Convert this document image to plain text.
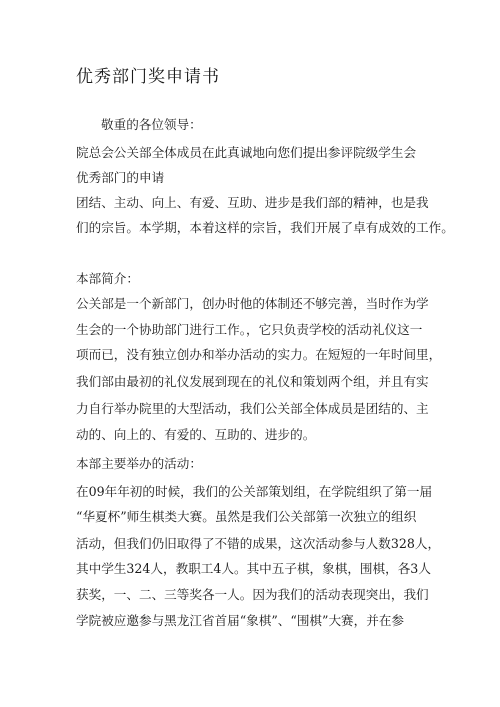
优秀部门奖申请书
敬重的各位领导：
院总会公关部全体成员在此真诚地向您们提出参评院级学生会
优秀部门的申请
团结、主动、向上、有爱、互助、进步是我们部的精神，也是我
们的宗旨。本学期，本着这样的宗旨，我们开展了卓有成效的工作。
本部简介：
公关部是一个新部门，创办时他的体制还不够完善，当时作为学
生会的一个协助部门进行工作。，它只负责学校的活动礼仪这一
项而已，没有独立创办和举办活动的实力。在短短的一年时间里，
我们部由最初的礼仪发展到现在的礼仪和策划两个组，并且有实
力自行举办院里的大型活动，我们公关部全体成员是团结的、主
动的、向上的、有爱的、互助的、进步的。
本部主要举办的活动：
在09年年初的时候，我们的公关部策划组，在学院组织了第一届
“华夏杯”师生棋类大赛。虽然是我们公关部第一次独立的组织
活动，但我们仍旧取得了不错的成果，这次活动参与人数328人，
其中学生324人，教职工4人。其中五子棋，象棋，围棋，各3人
获奖，一、二、三等奖各一人。因为我们的活动表现突出，我们
学院被应邀参与黑龙江省首届“象棋”、“围棋”大赛，并在参
